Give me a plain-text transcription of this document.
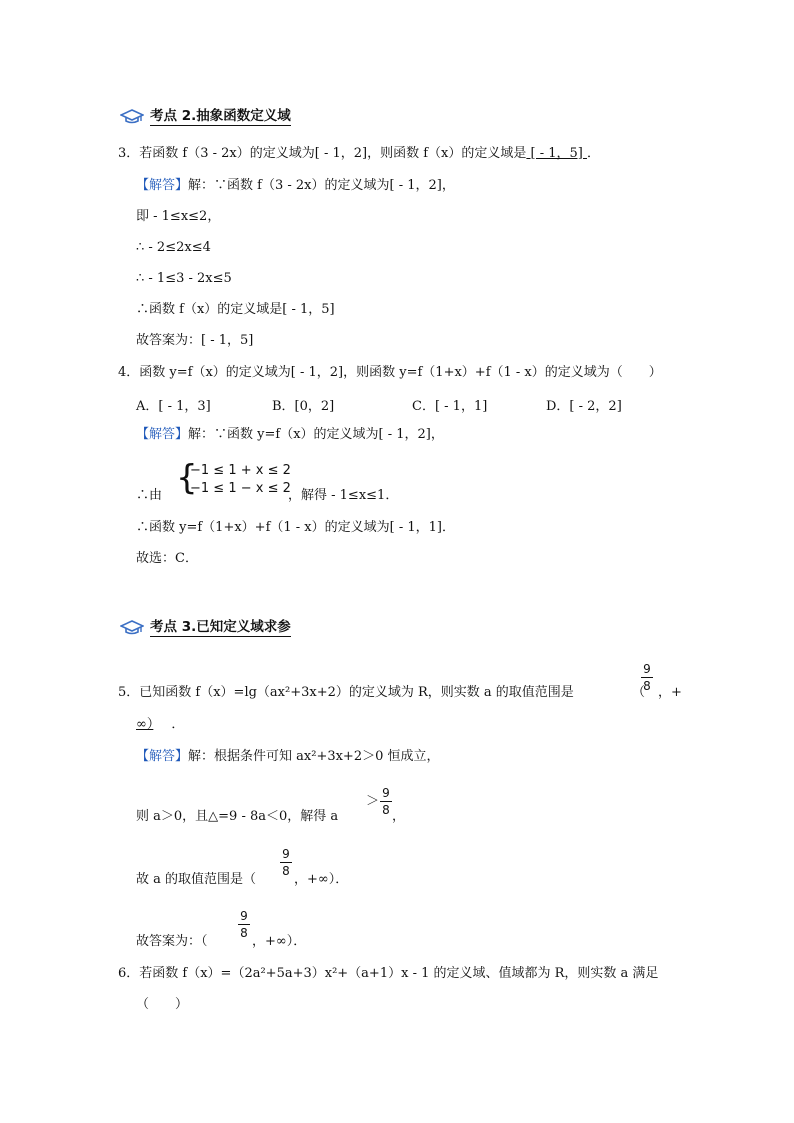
考点 2.抽象函数定义域
3．若函数 f（3 - 2x）的定义域为[ - 1，2]，则函数 f（x）的定义域是 [ - 1，5] ．
【解答】解：∵函数 f（3 - 2x）的定义域为[ - 1，2]，
即 - 1≤x≤2，
∴ - 2≤2x≤4
∴ - 1≤3 - 2x≤5
∴函数 f（x）的定义域是[ - 1，5]
故答案为：[ - 1，5]
4．函数 y=f（x）的定义域为[ - 1，2]，则函数 y=f（1+x）+f（1 - x）的定义域为（　　）
A．[ - 1，3]	B．[0，2]	C．[ - 1，1]	D．[ - 2，2]
【解答】解：∵函数 y=f（x）的定义域为[ - 1，2]，
∴由 {
−1 ≤ 1 + x ≤ 2
−1 ≤ 1 − x ≤ 2
，解得 - 1≤x≤1．
∴函数 y=f（1+x）+f（1 - x）的定义域为[ - 1，1]．
故选：C．
考点 3.已知定义域求参
5．已知函数 f（x）=lg（ax²+3x+2）的定义域为 R，则实数 a 的取值范围是	（ ，+
9
8
∞） ．
【解答】解：根据条件可知 ax²+3x+2＞0 恒成立，
则 a＞0，且△=9 - 8a＜0，解得 a
＞
9
8 ，
故 a 的取值范围是（
9
8
，+∞）．
故答案为：（
9
8
，+∞）．
6．若函数 f（x）=（2a²+5a+3）x²+（a+1）x - 1 的定义域、值域都为 R，则实数 a 满足
（　　）
